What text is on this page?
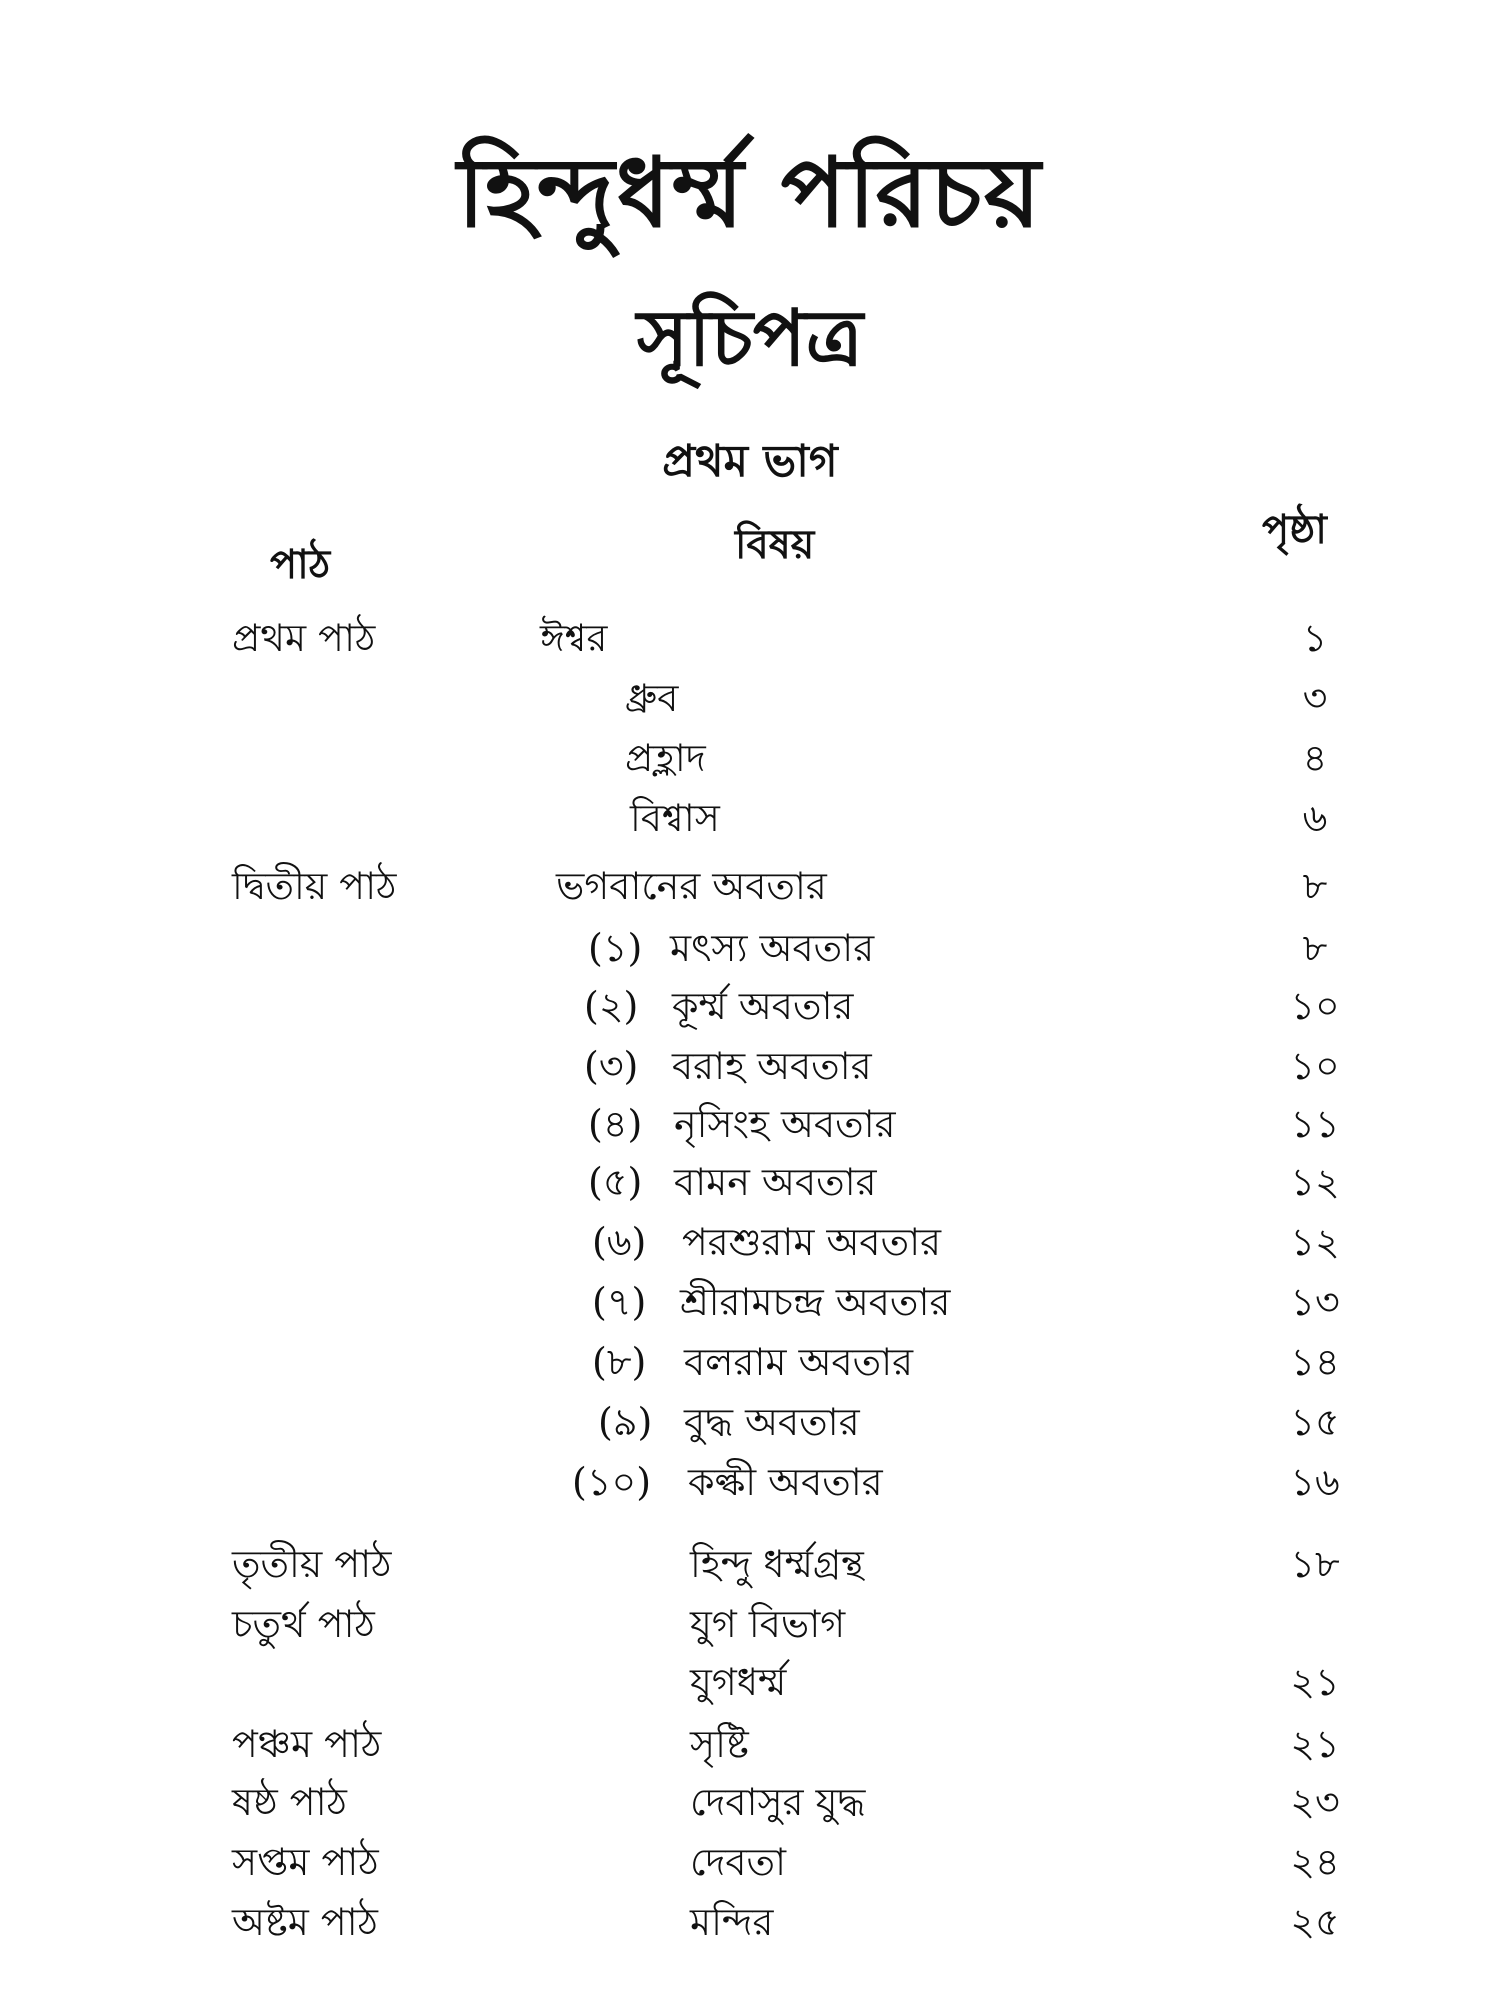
হিন্দুধর্ম্ম পরিচয়
সূচিপত্র
প্রথম ভাগ
পাঠ	বিষয়	পৃষ্ঠা
প্রথম পাঠ	ঈশ্বর	১
ধ্রুব	৩
প্রহ্লাদ	৪
বিশ্বাস	৬
দ্বিতীয় পাঠ	ভগবানের অবতার	৮
(১) মৎস্য অবতার	৮
(২) কূর্ম্ম অবতার	১০
(৩) বরাহ অবতার	১০
(৪) নৃসিংহ অবতার	১১
(৫) বামন অবতার	১২
(৬) পরশুরাম অবতার	১২
(৭) শ্রীরামচন্দ্র অবতার	১৩
(৮) বলরাম অবতার	১৪
(৯) বুদ্ধ অবতার	১৫
(১০) কল্কী অবতার	১৬
তৃতীয় পাঠ	হিন্দু ধর্ম্মগ্রন্থ	১৮
চতুর্থ পাঠ	যুগ বিভাগ
যুগধর্ম্ম	২১
পঞ্চম পাঠ	সৃষ্টি	২১
ষষ্ঠ পাঠ	দেবাসুর যুদ্ধ	২৩
সপ্তম পাঠ	দেবতা	২৪
অষ্টম পাঠ	মন্দির	২৫
